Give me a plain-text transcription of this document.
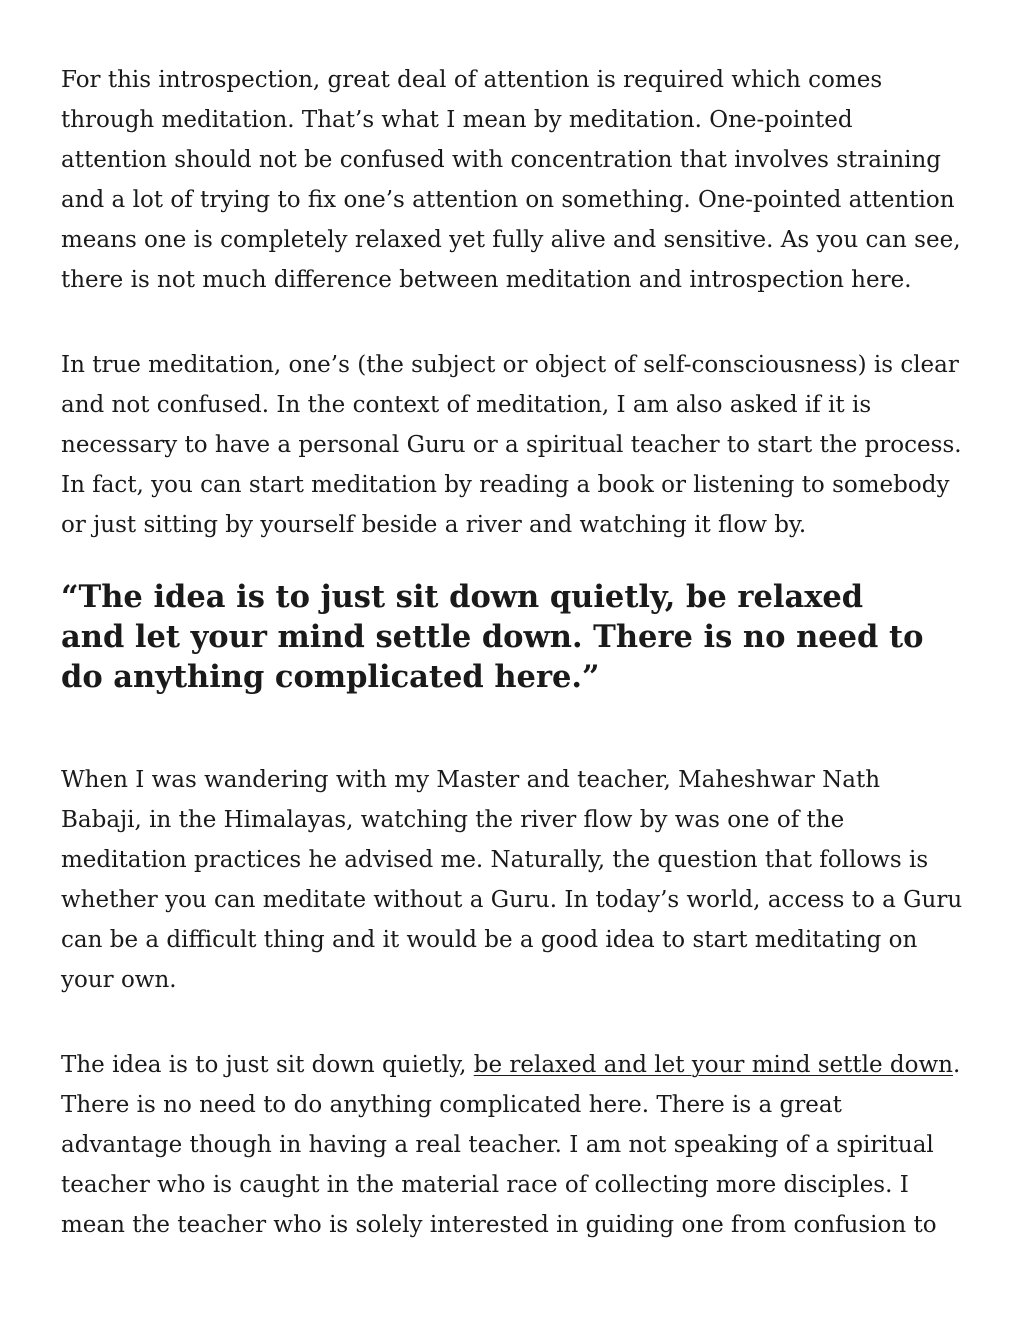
For this introspection, great deal of attention is required which comes
through meditation. That’s what I mean by meditation. One-pointed
attention should not be confused with concentration that involves straining
and a lot of trying to fix one’s attention on something. One-pointed attention
means one is completely relaxed yet fully alive and sensitive. As you can see,
there is not much difference between meditation and introspection here.

In true meditation, one’s (the subject or object of self-consciousness) is clear
and not confused. In the context of meditation, I am also asked if it is
necessary to have a personal Guru or a spiritual teacher to start the process.
In fact, you can start meditation by reading a book or listening to somebody
or just sitting by yourself beside a river and watching it flow by.

“The idea is to just sit down quietly, be relaxed
and let your mind settle down. There is no need to
do anything complicated here.”

When I was wandering with my Master and teacher, Maheshwar Nath
Babaji, in the Himalayas, watching the river flow by was one of the
meditation practices he advised me. Naturally, the question that follows is
whether you can meditate without a Guru. In today’s world, access to a Guru
can be a difficult thing and it would be a good idea to start meditating on
your own.

The idea is to just sit down quietly, be relaxed and let your mind settle down.
There is no need to do anything complicated here. There is a great
advantage though in having a real teacher. I am not speaking of a spiritual
teacher who is caught in the material race of collecting more disciples. I
mean the teacher who is solely interested in guiding one from confusion to
